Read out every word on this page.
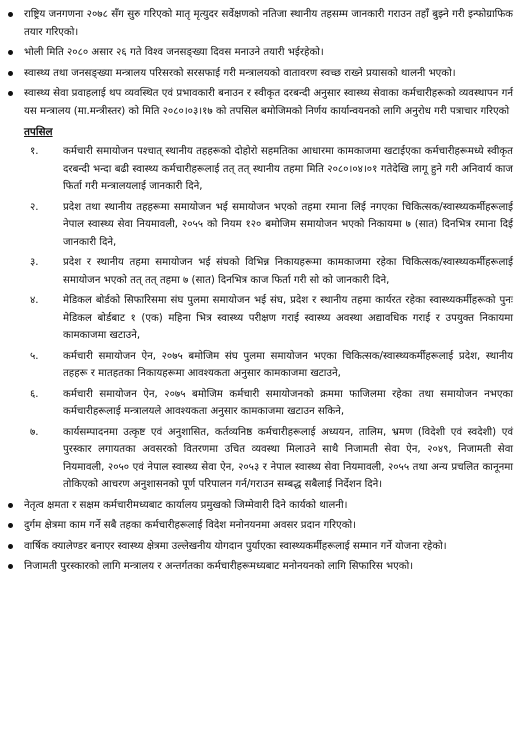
राष्ट्रिय जनगणना २०७८ सँग सुरु गरिएको मातृ मृत्युदर सर्वेक्षणको नतिजा स्थानीय तहसम्म जानकारी गराउन तहाँ बुझ्ने गरी इन्फोग्राफिक तयार गरिएको।
भोली मिति २०८० असार २६ गते विश्व जनसङ्ख्या दिवस मनाउने तयारी भईरहेको।
स्वास्थ्य तथा जनसङ्ख्या मन्त्रालय परिसरको सरसफाई गरी मन्त्रालयको वातावरण स्वच्छ राख्ने प्रयासको थालनी भएको।
स्वास्थ्य सेवा प्रवाहलाई थप व्यवस्थित एवं प्रभावकारी बनाउन र स्वीकृत दरबन्दी अनुसार स्वास्थ्य सेवाका कर्मचारीहरूको व्यवस्थापन गर्न यस मन्त्रालय (मा.मन्त्रीस्तर) को मिति २०८०।०३।१७ को तपसिल बमोजिमको निर्णय कार्यान्वयनको लागि अनुरोध गरी पत्राचार गरिएको
तपसिल
१. कर्मचारी समायोजन पश्चात् स्थानीय तहहरूको दोहोरो सहमतिका आधारमा कामकाजमा खटाईएका कर्मचारीहरूमध्ये स्वीकृत दरबन्दी भन्दा बढी स्वास्थ्य कर्मचारीहरूलाई तत् तत् स्थानीय तहमा मिति २०८०।०४।०१ गतेदेखि लागू हुने गरी अनिवार्य काज फिर्ता गरी मन्त्रालयलाई जानकारी दिने,
२. प्रदेश तथा स्थानीय तहहरूमा समायोजन भई समायोजन भएको तहमा रमाना लिई नगएका चिकित्सक/स्वास्थ्यकर्मीहरूलाई नेपाल स्वास्थ्य सेवा नियमावली, २०५५ को नियम १२० बमोजिम समायोजन भएको निकायमा ७ (सात) दिनभित्र रमाना दिई जानकारी दिने,
३. प्रदेश र स्थानीय तहमा समायोजन भई संघको विभिन्न निकायहरूमा कामकाजमा रहेका चिकित्सक/स्वास्थ्यकर्मीहरूलाई समायोजन भएको तत् तत् तहमा ७ (सात) दिनभित्र काज फिर्ता गरी सो को जानकारी दिने,
४. मेडिकल बोर्डको सिफारिसमा संघ पुलमा समायोजन भई संघ, प्रदेश र स्थानीय तहमा कार्यरत रहेका स्वास्थ्यकर्मीहरूको पुनः मेडिकल बोर्डबाट १ (एक) महिना भित्र स्वास्थ्य परीक्षण गराई स्वास्थ्य अवस्था अद्यावधिक गराई र उपयुक्त निकायमा कामकाजमा खटाउने,
५. कर्मचारी समायोजन ऐन, २०७५ बमोजिम संघ पुलमा समायोजन भएका चिकित्सक/स्वास्थ्यकर्मीहरूलाई प्रदेश, स्थानीय तहहरू र मातहतका निकायहरूमा आवश्यकता अनुसार कामकाजमा खटाउने,
६. कर्मचारी समायोजन ऐन, २०७५ बमोजिम कर्मचारी समायोजनको क्रममा फाजिलमा रहेका तथा समायोजन नभएका कर्मचारीहरूलाई मन्त्रालयले आवश्यकता अनुसार कामकाजमा खटाउन सकिने,
७. कार्यसम्पादनमा उत्कृष्ट एवं अनुशासित, कर्तव्यनिष्ठ कर्मचारीहरूलाई अध्ययन, तालिम, भ्रमण (विदेशी एवं स्वदेशी) एवं पुरस्कार लगायतका अवसरको वितरणमा उचित व्यवस्था मिलाउने साथै निजामती सेवा ऐन, २०४९, निजामती सेवा नियमावली, २०५० एवं नेपाल स्वास्थ्य सेवा ऐन, २०५३ र नेपाल स्वास्थ्य सेवा नियमावली, २०५५ तथा अन्य प्रचलित कानूनमा तोकिएको आचरण अनुशासनको पूर्ण परिपालन गर्न/गराउन सम्बद्ध सबैलाई निर्देशन दिने।
नेतृत्व क्षमता र सक्षम कर्मचारीमध्यबाट कार्यालय प्रमुखको जिम्मेवारी दिने कार्यको थालनी।
दुर्गम क्षेत्रमा काम गर्ने सबै तहका कर्मचारीहरूलाई विदेश मनोनयनमा अवसर प्रदान गरिएको।
वार्षिक क्यालेण्डर बनाएर स्वास्थ्य क्षेत्रमा उल्लेखनीय योगदान पुर्याएका स्वास्थ्यकर्मीहरूलाई सम्मान गर्ने योजना रहेको।
निजामती पुरस्कारको लागि मन्त्रालय र अन्तर्गतका कर्मचारीहरूमध्यबाट मनोनयनको लागि सिफारिस भएको।
